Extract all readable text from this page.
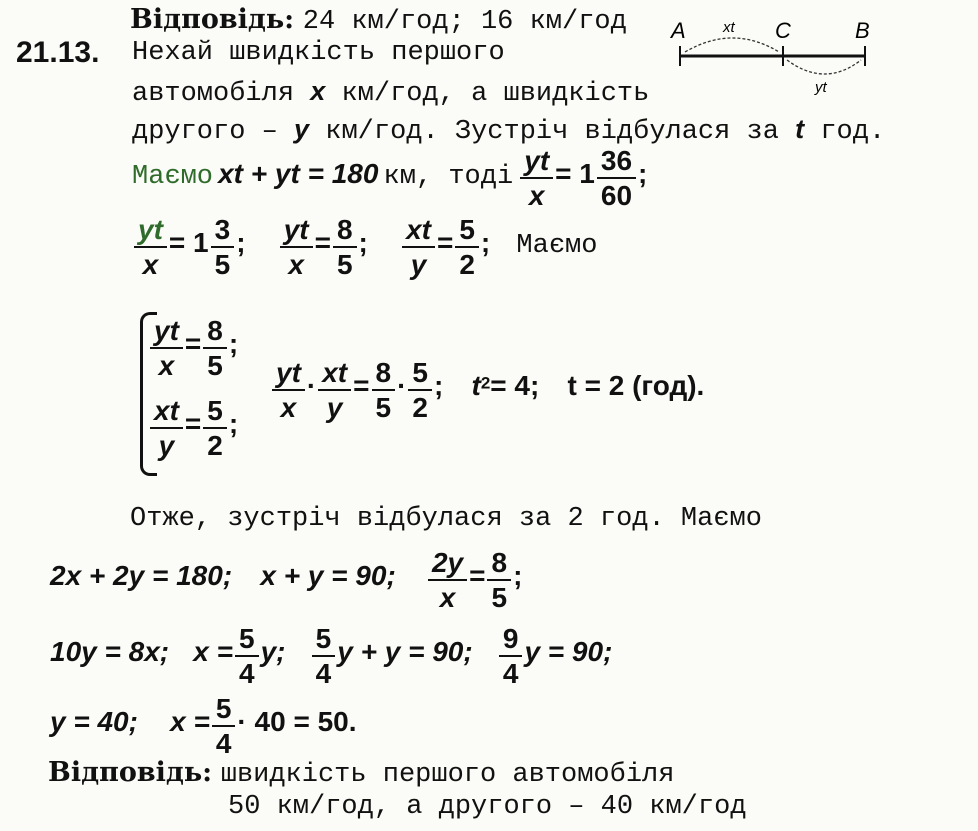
Відповідь: 24 км/год; 16 км/год
21.13. Нехай швидкість першого
автомобіля x км/год, а швидкість
другого – y км/год. Зустріч відбулася за t год.
A	C	B
xt
yt
Маємо xt + yt = 180 км, тоді $\frac{yt}{x} = 1 \frac{36}{60}$ ;
$\frac{yt}{x} = 1 \frac{3}{5}$ ; $\frac{yt}{x} = \frac{8}{5}$ ; $\frac{xt}{y} = \frac{5}{2}$ ; Маємо
$\frac{yt}{x} = \frac{8}{5}$ ;
$\frac{xt}{y} = \frac{5}{2}$ ;
$\frac{yt}{x} \cdot \frac{xt}{y} = \frac{8}{5} \cdot \frac{5}{2}$ ; t2= 4; t = 2 (год).
Отже, зустріч відбулася за 2 год. Маємо
2x + 2y = 180; x + y = 90; $\frac{2y}{x} = \frac{8}{5}$ ;
10y = 8x; $x = \frac{5}{4} y$; $\frac{5}{4}$ y + y = 90; $\frac{9}{4}$ y = 90;
y = 40; $x = \frac{5}{4} \cdot 40 = 50$.
Відповідь: швидкість першого автомобіля
50 км/год, а другого – 40 км/год
